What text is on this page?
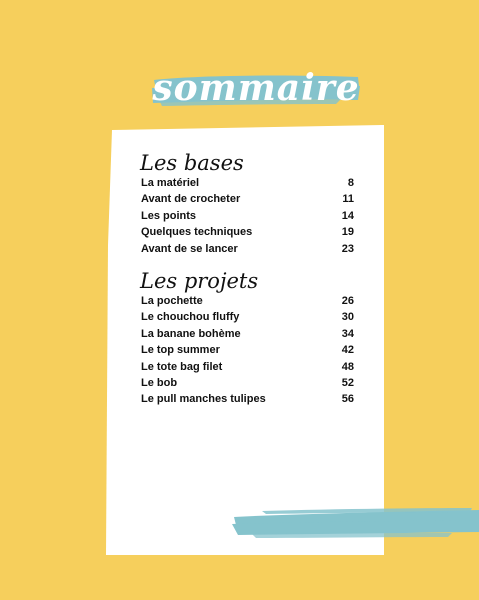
sommaire
Les bases
La matériel	8
Avant de crocheter	11
Les points	14
Quelques techniques	19
Avant de se lancer	23
Les projets
La pochette	26
Le chouchou fluffy	30
La banane bohème	34
Le top summer	42
Le tote bag filet	48
Le bob	52
Le pull manches tulipes	56
